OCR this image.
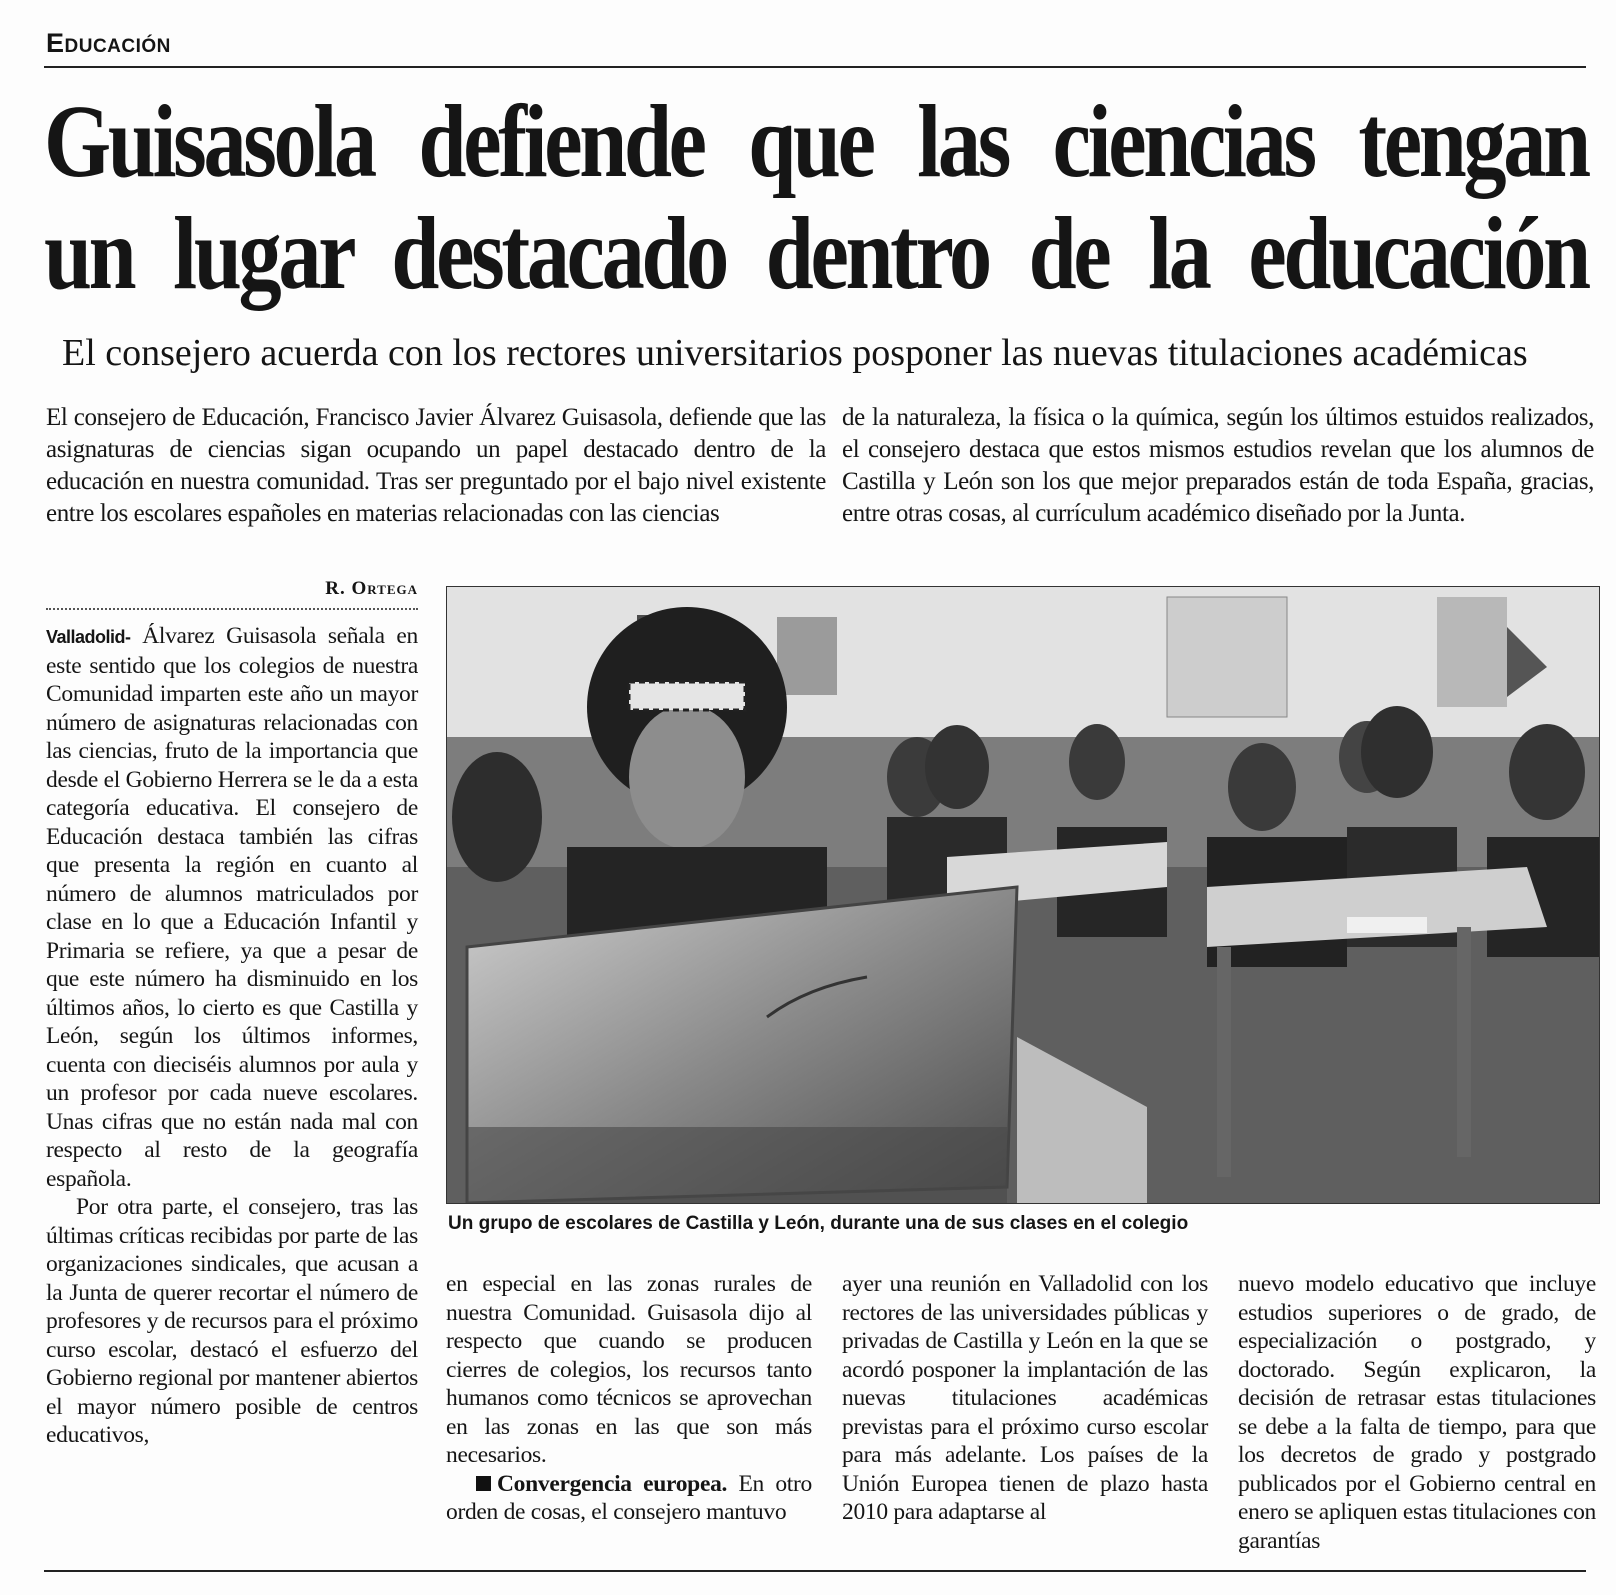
Educación
Guisasola defiende que las ciencias tengan
un lugar destacado dentro de la educación
El consejero acuerda con los rectores universitarios posponer las nuevas titulaciones académicas

El consejero de Educación, Francisco Javier Álvarez Guisasola, defiende que las asignaturas de ciencias sigan ocupando un papel destacado dentro de la educación en nuestra comunidad. Tras ser preguntado por el bajo nivel existente entre los escolares españoles en materias relacionadas con las ciencias

de la naturaleza, la física o la química, según los últimos estuidos realizados, el consejero destaca que estos mismos estudios revelan que los alumnos de Castilla y León son los que mejor preparados están de toda España, gracias, entre otras cosas, al currículum académico diseñado por la Junta.

R. Ortega

Valladolid- Álvarez Guisasola señala en este sentido que los colegios de nuestra Comunidad imparten este año un mayor número de asignaturas relacionadas con las ciencias, fruto de la importancia que desde el Gobierno Herrera se le da a esta categoría educativa. El consejero de Educación destaca también las cifras que presenta la región en cuanto al número de alumnos matriculados por clase en lo que a Educación Infantil y Primaria se refiere, ya que a pesar de que este número ha disminuido en los últimos años, lo cierto es que Castilla y León, según los últimos informes, cuenta con dieciséis alumnos por aula y un profesor por cada nueve escolares. Unas cifras que no están nada mal con respecto al resto de la geografía española.

Por otra parte, el consejero, tras las últimas críticas recibidas por parte de las organizaciones sindicales, que acusan a la Junta de querer recortar el número de profesores y de recursos para el próximo curso escolar, destacó el esfuerzo del Gobierno regional por mantener abiertos el mayor número posible de centros educativos,

Un grupo de escolares de Castilla y León, durante una de sus clases en el colegio

en especial en las zonas rurales de nuestra Comunidad. Guisasola dijo al respecto que cuando se producen cierres de colegios, los recursos tanto humanos como técnicos se aprovechan en las zonas en las que son más necesarios.

Convergencia europea. En otro orden de cosas, el consejero mantuvo

ayer una reunión en Valladolid con los rectores de las universidades públicas y privadas de Castilla y León en la que se acordó posponer la implantación de las nuevas titulaciones académicas previstas para el próximo curso escolar para más adelante. Los países de la Unión Europea tienen de plazo hasta 2010 para adaptarse al

nuevo modelo educativo que incluye estudios superiores o de grado, de especialización o postgrado, y doctorado. Según explicaron, la decisión de retrasar estas titulaciones se debe a la falta de tiempo, para que los decretos de grado y postgrado publicados por el Gobierno central en enero se apliquen estas titulaciones con garantías
